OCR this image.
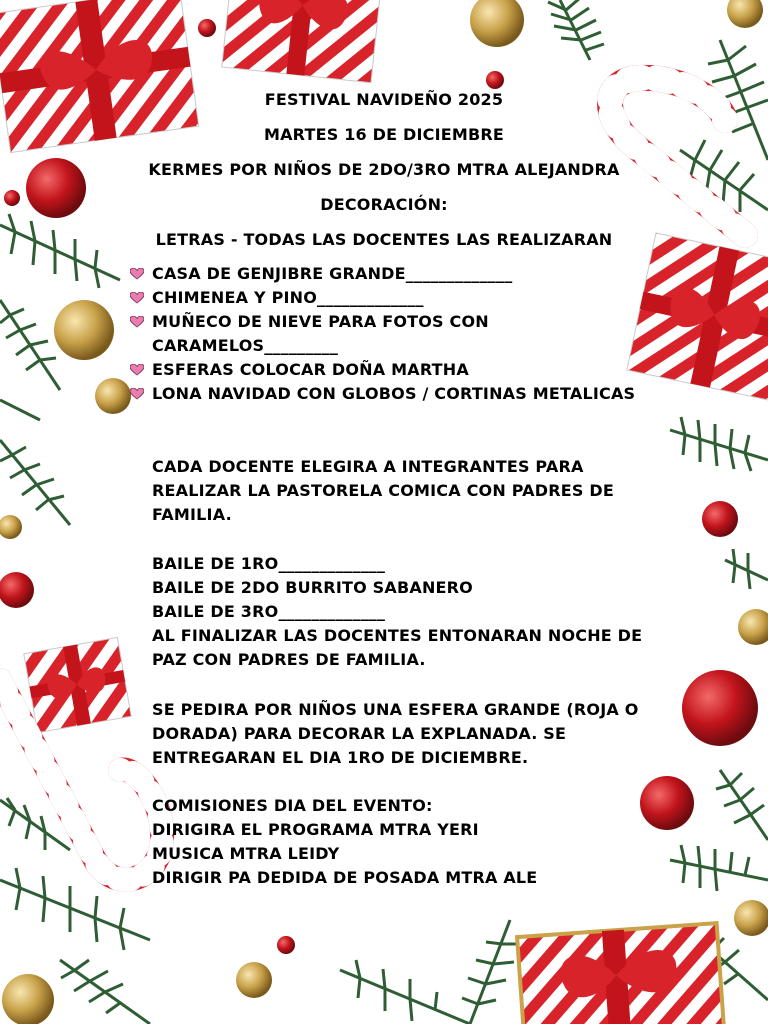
FESTIVAL NAVIDEÑO 2025
MARTES 16 DE DICIEMBRE
KERMES POR NIÑOS DE 2DO/3RO MTRA ALEJANDRA
DECORACIÓN:
LETRAS - TODAS LAS DOCENTES LAS REALIZARAN
CASA DE GENJIBRE GRANDE_____________
CHIMENEA Y PINO_____________
MUÑECO DE NIEVE PARA FOTOS CON CARAMELOS_________
ESFERAS COLOCAR DOÑA MARTHA
LONA NAVIDAD CON GLOBOS / CORTINAS METALICAS
CADA DOCENTE ELEGIRA A INTEGRANTES PARA REALIZAR LA PASTORELA COMICA CON PADRES DE FAMILIA.
BAILE DE 1RO_____________
BAILE DE 2DO BURRITO SABANERO
BAILE DE 3RO_____________
AL FINALIZAR LAS DOCENTES ENTONARAN NOCHE DE PAZ CON PADRES DE FAMILIA.
SE PEDIRA POR NIÑOS UNA ESFERA GRANDE (ROJA O DORADA) PARA DECORAR LA EXPLANADA. SE ENTREGARAN EL DIA 1RO DE DICIEMBRE.
COMISIONES DIA DEL EVENTO:
DIRIGIRA EL PROGRAMA MTRA YERI
MUSICA MTRA LEIDY
DIRIGIR PA DEDIDA DE POSADA MTRA ALE
